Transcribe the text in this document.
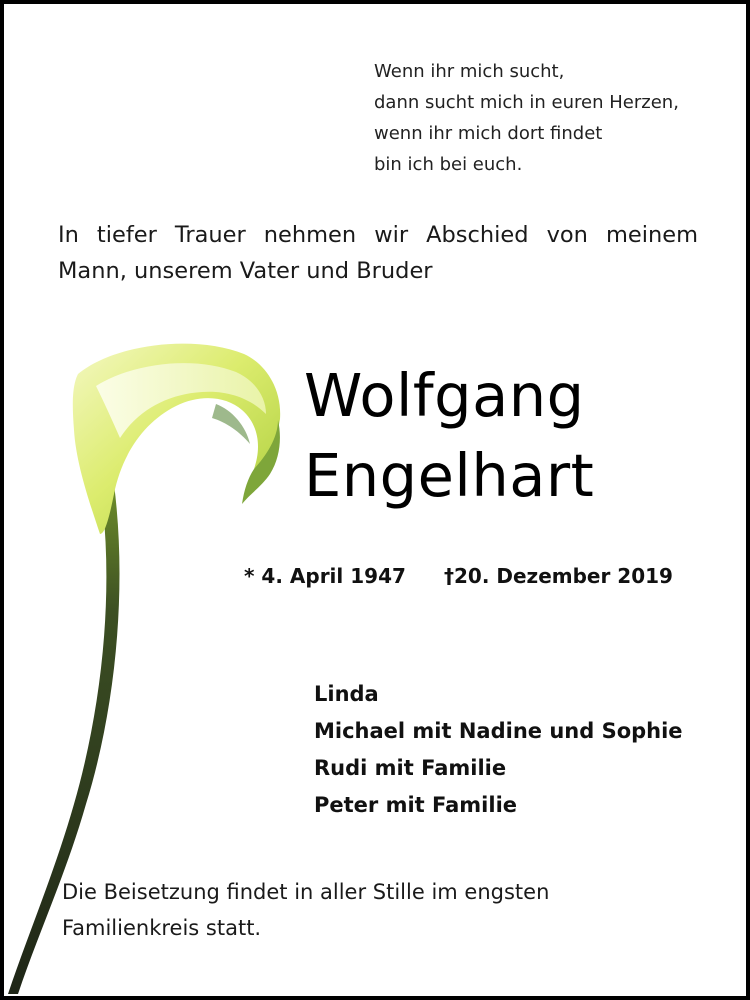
Wenn ihr mich sucht,
dann sucht mich in euren Herzen,
wenn ihr mich dort findet
bin ich bei euch.
In tiefer Trauer nehmen wir Abschied von meinem
Mann, unserem Vater und Bruder
Wolfgang
Engelhart
* 4. April 1947 †20. Dezember 2019
Linda
Michael mit Nadine und Sophie
Rudi mit Familie
Peter mit Familie
Die Beisetzung findet in aller Stille im engsten
Familienkreis statt.
